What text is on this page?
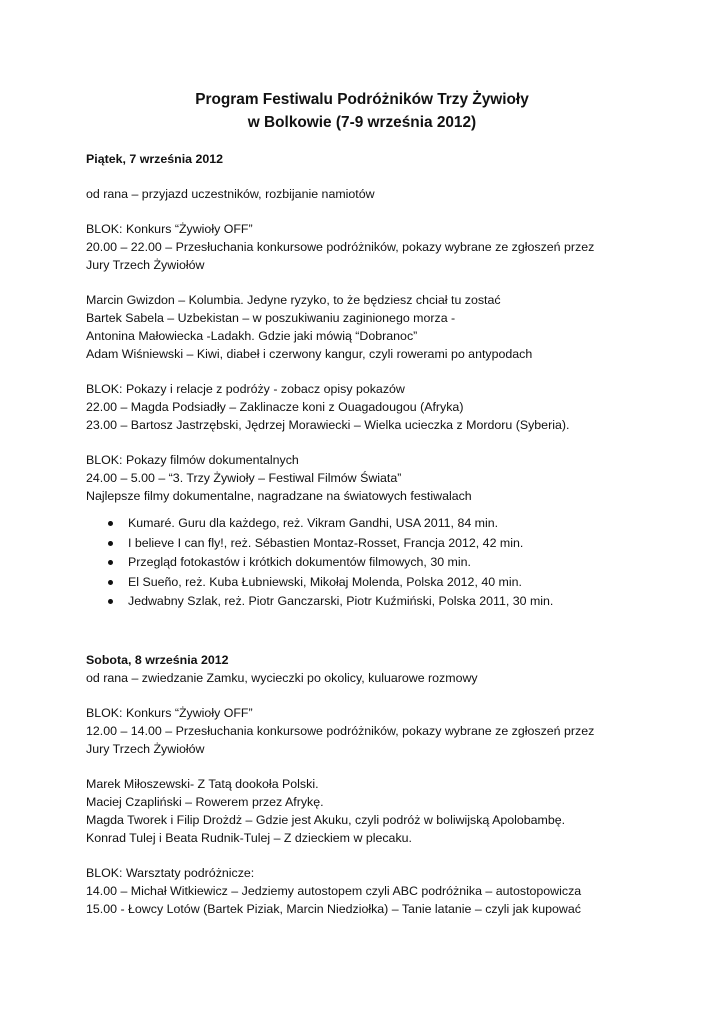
Program Festiwalu Podróżników Trzy Żywioły
w Bolkowie (7-9 września 2012)

Piątek, 7 września 2012

od rana – przyjazd uczestników, rozbijanie namiotów

BLOK: Konkurs “Żywioły OFF”

20.00 – 22.00 – Przesłuchania konkursowe podróżników, pokazy wybrane ze zgłoszeń przez

Jury Trzech Żywiołów

Marcin Gwizdon – Kolumbia. Jedyne ryzyko, to że będziesz chciał tu zostać

Bartek Sabela – Uzbekistan – w poszukiwaniu zaginionego morza -

Antonina Małowiecka -Ladakh. Gdzie jaki mówią “Dobranoc”

Adam Wiśniewski – Kiwi, diabeł i czerwony kangur, czyli rowerami po antypodach

BLOK: Pokazy i relacje z podróży - zobacz opisy pokazów

22.00 – Magda Podsiadły – Zaklinacze koni z Ouagadougou (Afryka)

23.00 – Bartosz Jastrzębski, Jędrzej Morawiecki – Wielka ucieczka z Mordoru (Syberia).

BLOK: Pokazy filmów dokumentalnych

24.00 – 5.00 – “3. Trzy Żywioły – Festiwal Filmów Świata”

Najlepsze filmy dokumentalne, nagradzane na światowych festiwalach

Kumaré. Guru dla każdego, reż. Vikram Gandhi, USA 2011, 84 min.
I believe I can fly!, reż. Sébastien Montaz-Rosset, Francja 2012, 42 min.
Przegląd fotokastów i krótkich dokumentów filmowych, 30 min.
El Sueño, reż. Kuba Łubniewski, Mikołaj Molenda, Polska 2012, 40 min.
Jedwabny Szlak, reż. Piotr Ganczarski, Piotr Kuźmiński, Polska 2011, 30 min.

Sobota, 8 września 2012

od rana – zwiedzanie Zamku, wycieczki po okolicy, kuluarowe rozmowy

BLOK: Konkurs “Żywioły OFF”

12.00 – 14.00 – Przesłuchania konkursowe podróżników, pokazy wybrane ze zgłoszeń przez

Jury Trzech Żywiołów

Marek Miłoszewski- Z Tatą dookoła Polski.

Maciej Czapliński – Rowerem przez Afrykę.

Magda Tworek i Filip Drożdż – Gdzie jest Akuku, czyli podróż w boliwijską Apolobambę.

Konrad Tulej i Beata Rudnik-Tulej – Z dzieckiem w plecaku.

BLOK: Warsztaty podróżnicze:

14.00 – Michał Witkiewicz – Jedziemy autostopem czyli ABC podróżnika – autostopowicza

15.00 - Łowcy Lotów (Bartek Piziak, Marcin Niedziołka) – Tanie latanie – czyli jak kupować
